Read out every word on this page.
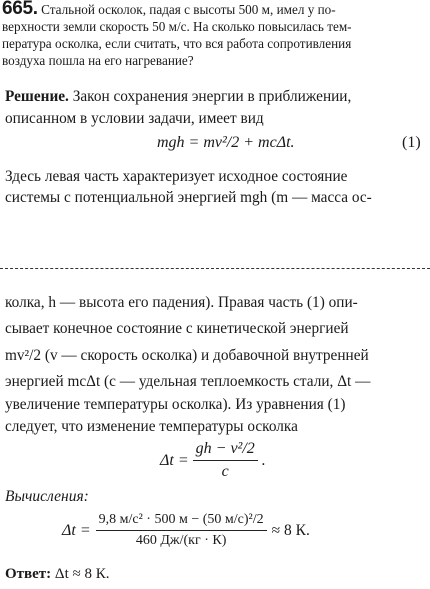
665. Стальной осколок, падая с высоты 500 м, имел у по-
верхности земли скорость 50 м/с. На сколько повысилась тем-
пература осколка, если считать, что вся работа сопротивления
воздуха пошла на его нагревание?
Решение. Закон сохранения энергии в приближении,
описанном в условии задачи, имеет вид
mgh = mv²/2 + mcΔt.	(1)
Здесь левая часть характеризует исходное состояние
системы с потенциальной энергией mgh (m — масса ос-
колка, h — высота его падения). Правая часть (1) опи-
сывает конечное состояние с кинетической энергией
mv²/2 (v — скорость осколка) и добавочной внутренней
энергией mcΔt (c — удельная теплоемкость стали, Δt —
увеличение температуры осколка). Из уравнения (1)
следует, что изменение температуры осколка
$\Delta t = \frac{\text{gh − v²/2}}{c}$ .
Вычисления:
$\Delta t = \frac{\text{9,8 м/с² · 500 м − (50 м/с)²/2}}{460 Дж/(кг \cdot К)} \approx 8$ К.
Ответ: Δt ≈ 8 К.
